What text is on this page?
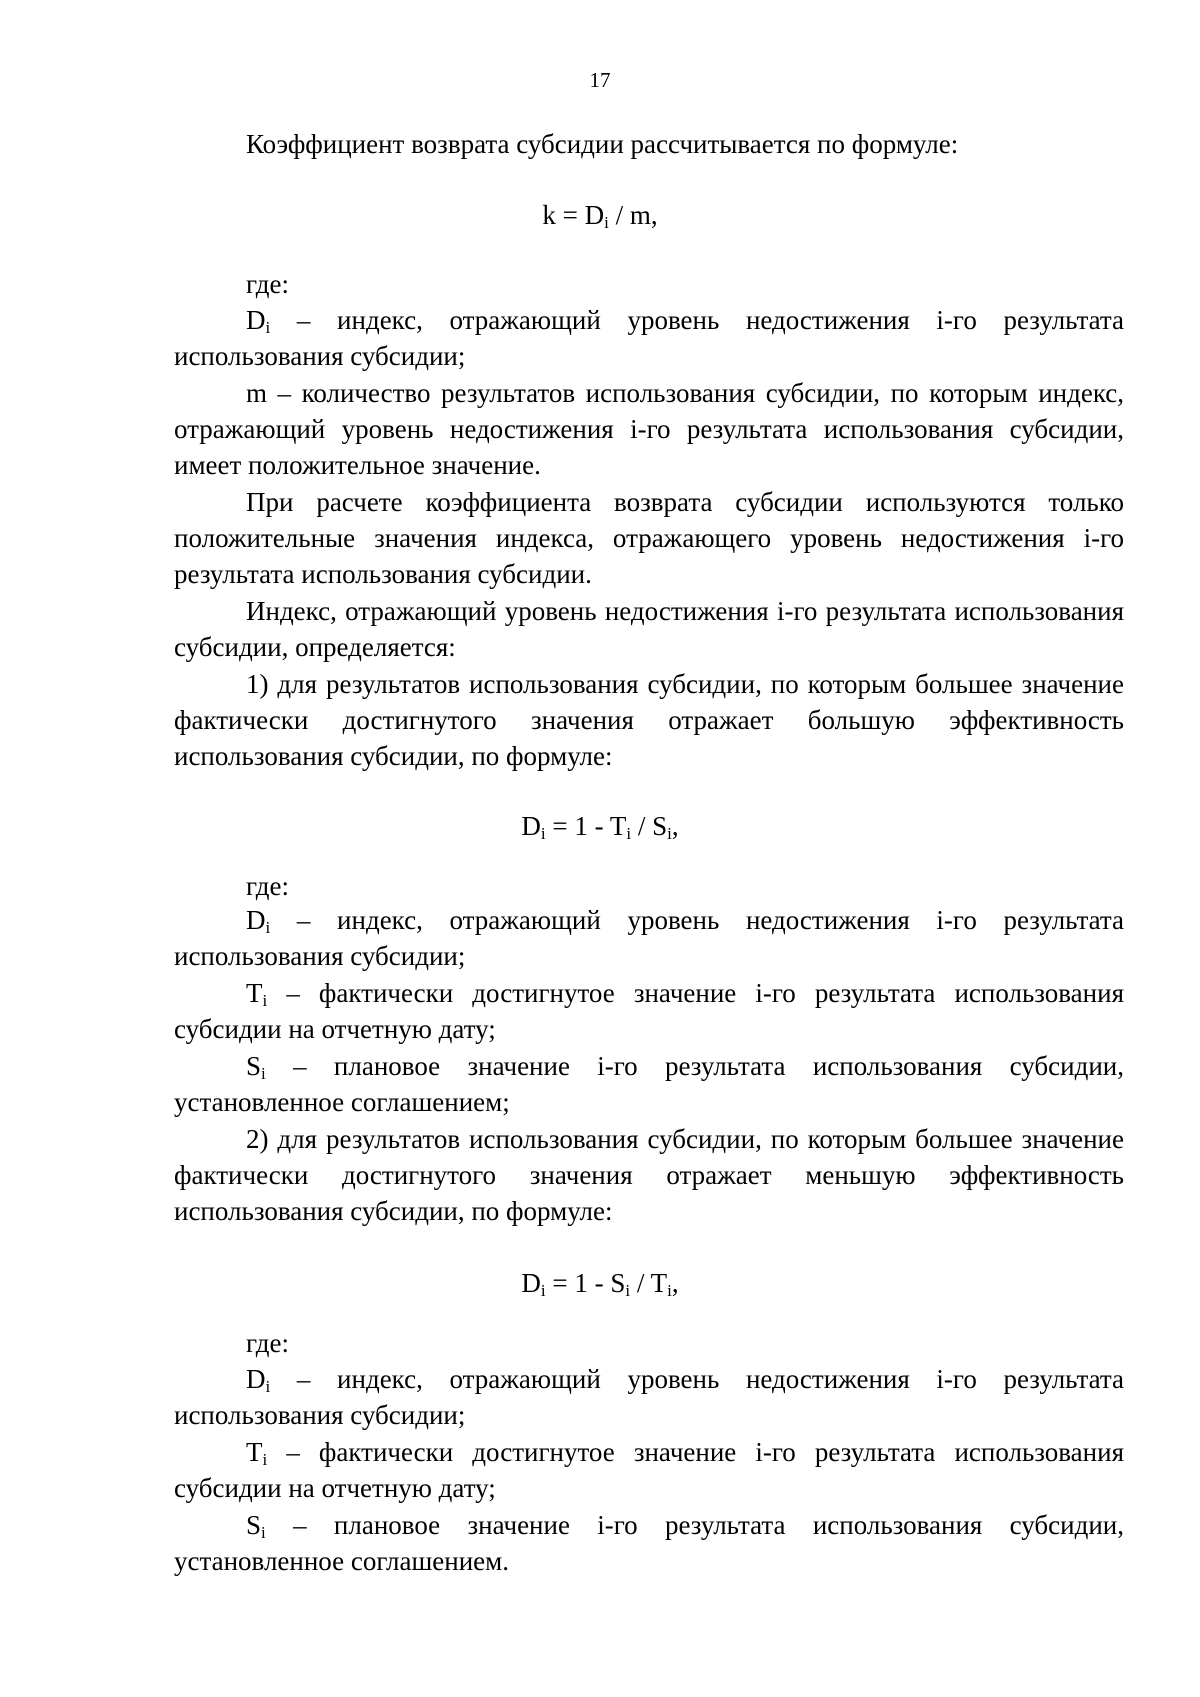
17

Коэффициент возврата субсидии рассчитывается по формуле:

$k = D_i / m$,

где:

$D_i$ – индекс, отражающий уровень недостижения i-го результата использования субсидии;

m – количество результатов использования субсидии, по которым индекс, отражающий уровень недостижения i-го результата использования субсидии, имеет положительное значение.

При расчете коэффициента возврата субсидии используются только положительные значения индекса, отражающего уровень недостижения i-го результата использования субсидии.

Индекс, отражающий уровень недостижения i-го результата использования субсидии, определяется:

1) для результатов использования субсидии, по которым большее значение фактически достигнутого значения отражает большую эффективность использования субсидии, по формуле:

$D_i = 1 - T_i / S_i$,

где:

$D_i$ – индекс, отражающий уровень недостижения i-го результата использования субсидии;

$T_i$ – фактически достигнутое значение i-го результата использования субсидии на отчетную дату;

$S_i$ – плановое значение i-го результата использования субсидии, установленное соглашением;

2) для результатов использования субсидии, по которым большее значение фактически достигнутого значения отражает меньшую эффективность использования субсидии, по формуле:

$D_i = 1 - S_i / T_i$,

где:

$D_i$ – индекс, отражающий уровень недостижения i-го результата использования субсидии;

$T_i$ – фактически достигнутое значение i-го результата использования субсидии на отчетную дату;

$S_i$ – плановое значение i-го результата использования субсидии, установленное соглашением.
